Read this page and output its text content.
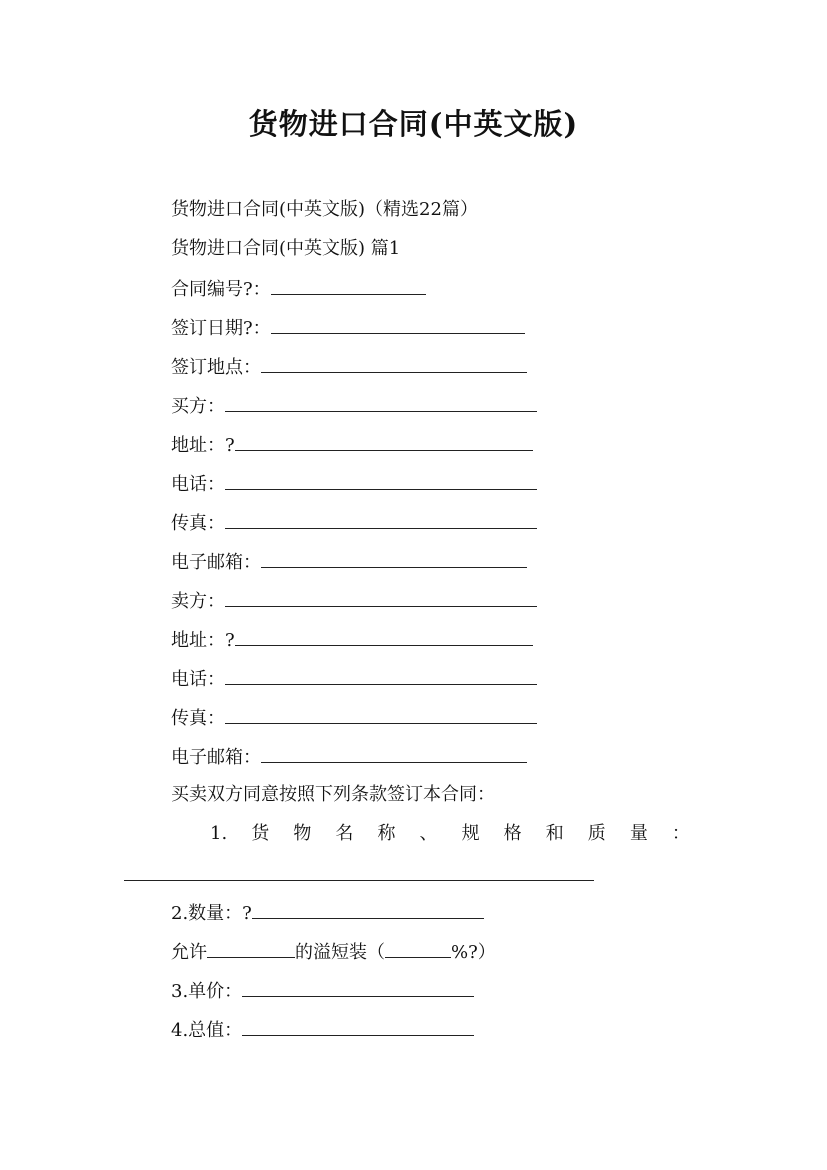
货物进口合同(中英文版)
货物进口合同(中英文版)（精选22篇）
货物进口合同(中英文版) 篇1
合同编号?：
签订日期?：
签订地点：
买方：
地址：?
电话：
传真：
电子邮箱：
卖方：
地址：?
电话：
传真：
电子邮箱：
买卖双方同意按照下列条款签订本合同：
1. 货 物 名 称 、 规 格 和 质 量 ：
2.数量：?
允许	的溢短装（	%?）
3.单价：
4.总值：
